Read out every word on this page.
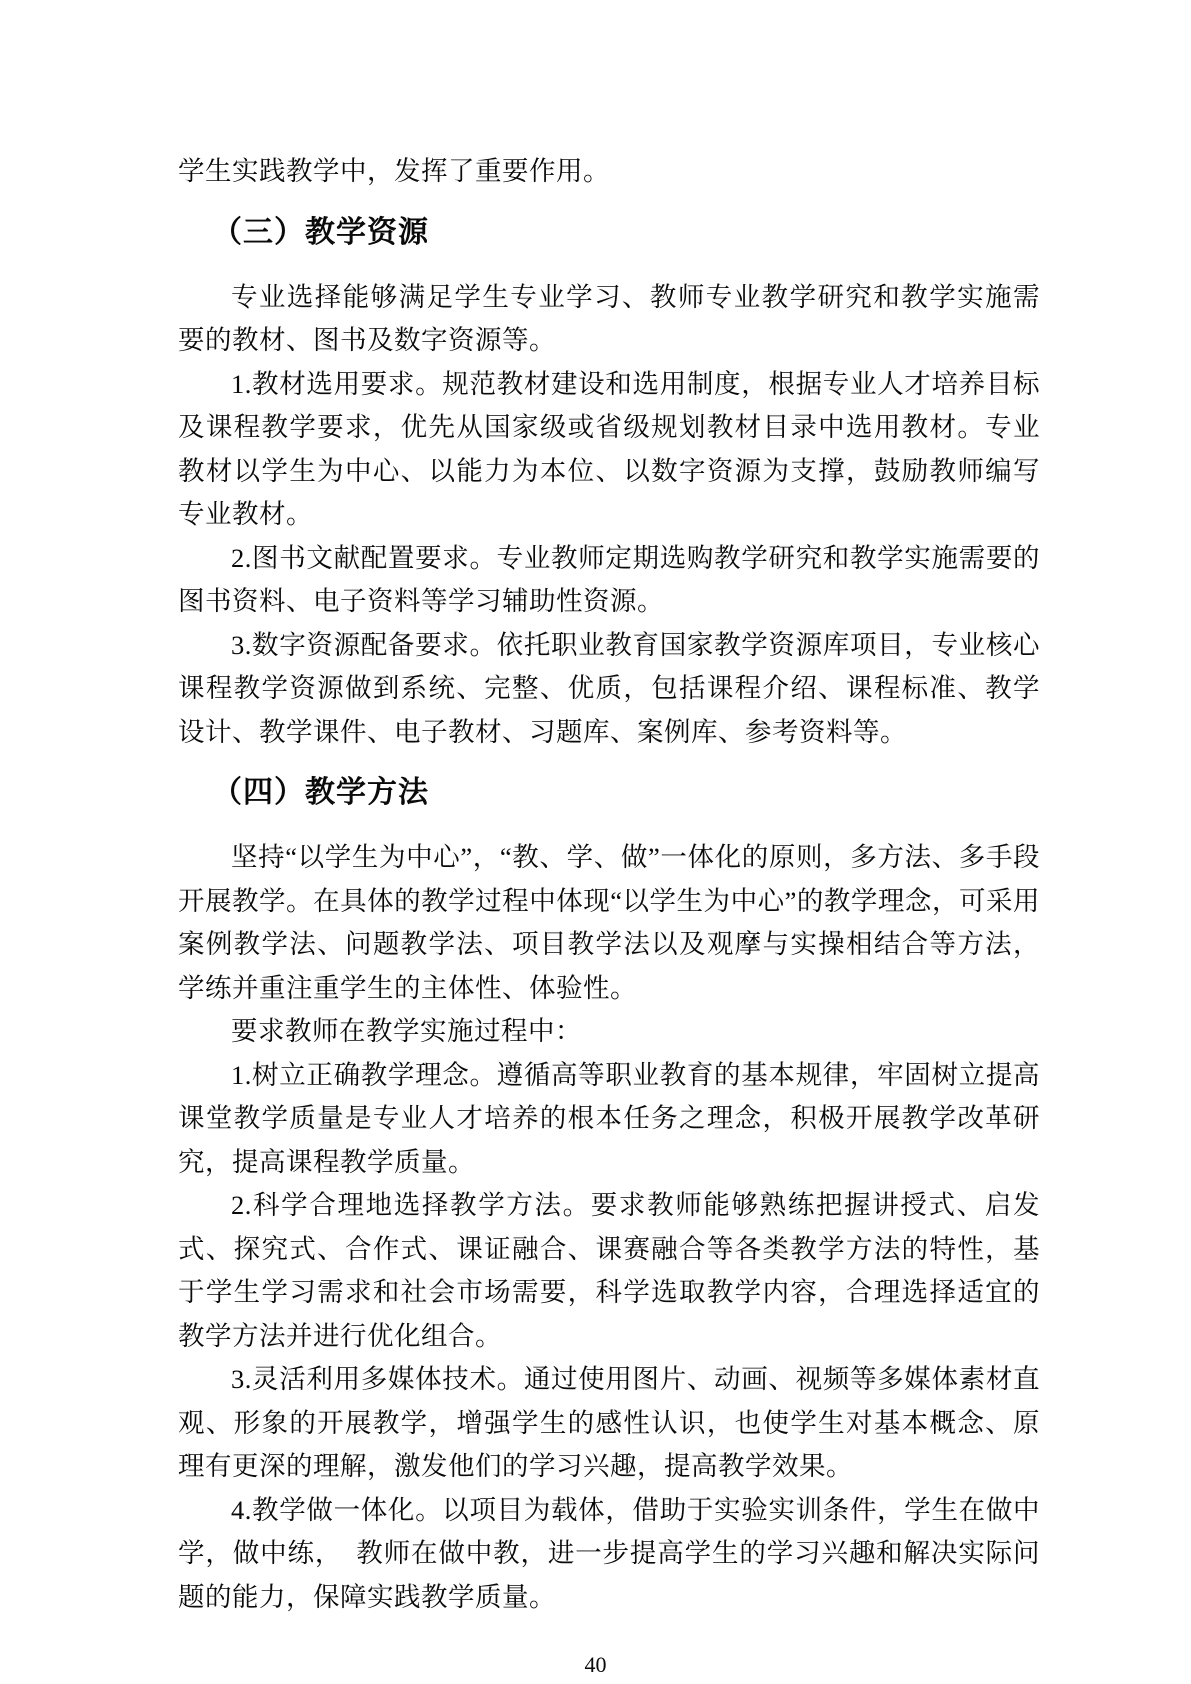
学生实践教学中，发挥了重要作用。

（三）教学资源

专业选择能够满足学生专业学习、教师专业教学研究和教学实施需要的教材、图书及数字资源等。

1.教材选用要求。规范教材建设和选用制度，根据专业人才培养目标及课程教学要求，优先从国家级或省级规划教材目录中选用教材。专业教材以学生为中心、以能力为本位、以数字资源为支撑，鼓励教师编写专业教材。

2.图书文献配置要求。专业教师定期选购教学研究和教学实施需要的图书资料、电子资料等学习辅助性资源。

3.数字资源配备要求。依托职业教育国家教学资源库项目，专业核心课程教学资源做到系统、完整、优质，包括课程介绍、课程标准、教学设计、教学课件、电子教材、习题库、案例库、参考资料等。

（四）教学方法

坚持“以学生为中心”，“教、学、做”一体化的原则，多方法、多手段开展教学。在具体的教学过程中体现“以学生为中心”的教学理念，可采用案例教学法、问题教学法、项目教学法以及观摩与实操相结合等方法，学练并重注重学生的主体性、体验性。

要求教师在教学实施过程中：

1.树立正确教学理念。遵循高等职业教育的基本规律，牢固树立提高课堂教学质量是专业人才培养的根本任务之理念，积极开展教学改革研究，提高课程教学质量。

2.科学合理地选择教学方法。要求教师能够熟练把握讲授式、启发式、探究式、合作式、课证融合、课赛融合等各类教学方法的特性，基于学生学习需求和社会市场需要，科学选取教学内容，合理选择适宜的教学方法并进行优化组合。

3.灵活利用多媒体技术。通过使用图片、动画、视频等多媒体素材直观、形象的开展教学，增强学生的感性认识，也使学生对基本概念、原理有更深的理解，激发他们的学习兴趣，提高教学效果。

4.教学做一体化。以项目为载体，借助于实验实训条件，学生在做中学，做中练，　教师在做中教，进一步提高学生的学习兴趣和解决实际问题的能力，保障实践教学质量。

40
